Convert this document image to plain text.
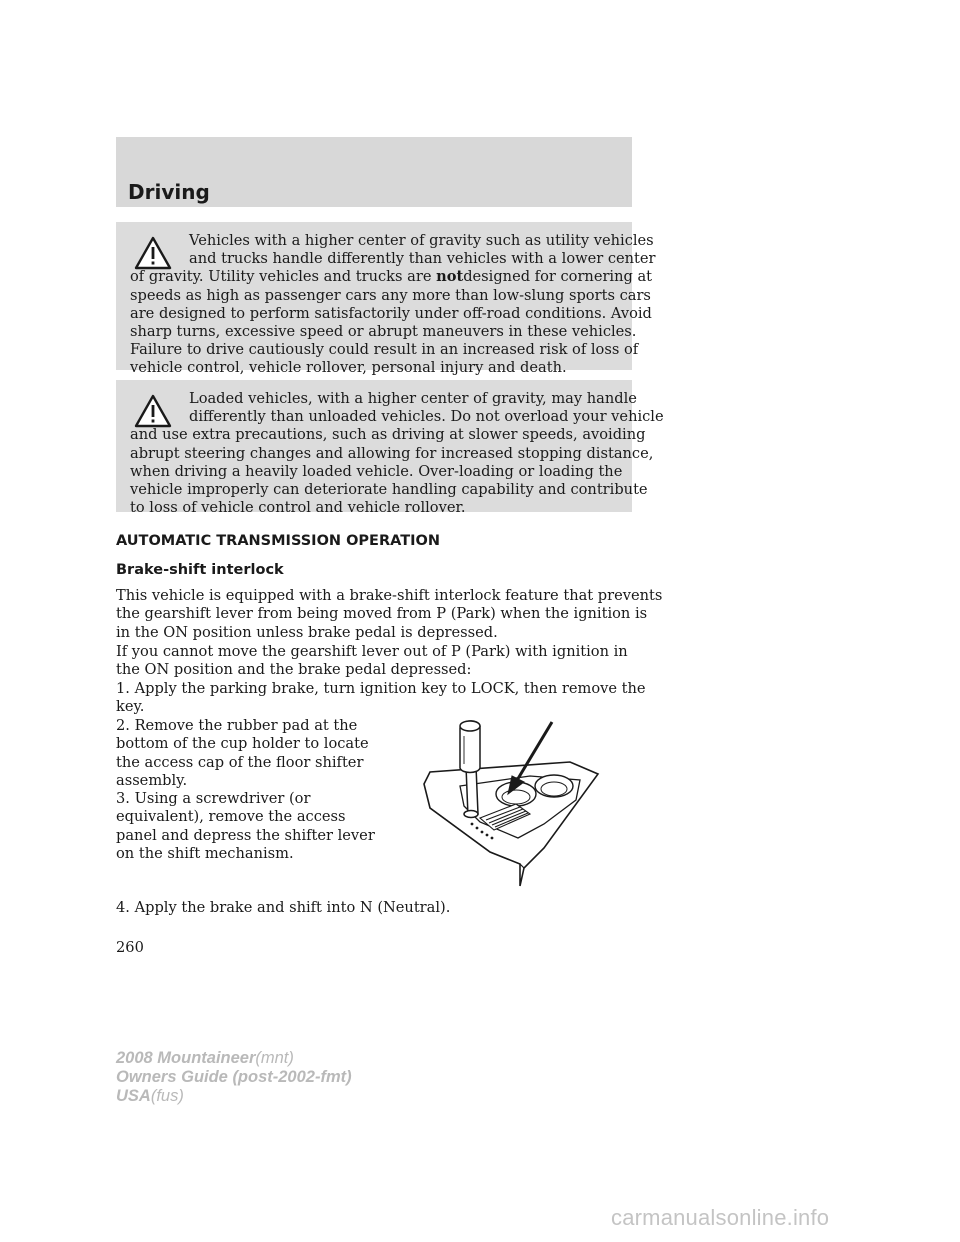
Driving
Vehicles with a higher center of gravity such as utility vehicles
and trucks handle differently than vehicles with a lower center
of gravity. Utility vehicles and trucks are notdesigned for cornering at
speeds as high as passenger cars any more than low-slung sports cars
are designed to perform satisfactorily under off-road conditions. Avoid
sharp turns, excessive speed or abrupt maneuvers in these vehicles.
Failure to drive cautiously could result in an increased risk of loss of
vehicle control, vehicle rollover, personal injury and death.
Loaded vehicles, with a higher center of gravity, may handle
differently than unloaded vehicles. Do not overload your vehicle
and use extra precautions, such as driving at slower speeds, avoiding
abrupt steering changes and allowing for increased stopping distance,
when driving a heavily loaded vehicle. Over-loading or loading the
vehicle improperly can deteriorate handling capability and contribute
to loss of vehicle control and vehicle rollover.
AUTOMATIC TRANSMISSION OPERATION
Brake-shift interlock

This vehicle is equipped with a brake-shift interlock feature that prevents
the gearshift lever from being moved from P (Park) when the ignition is
in the ON position unless brake pedal is depressed.

If you cannot move the gearshift lever out of P (Park) with ignition in
the ON position and the brake pedal depressed:

1. Apply the parking brake, turn ignition key to LOCK, then remove the
key.

2. Remove the rubber pad at the
bottom of the cup holder to locate
the access cap of the floor shifter
assembly.

3. Using a screwdriver (or
equivalent), remove the access
panel and depress the shifter lever
on the shift mechanism.

4. Apply the brake and shift into N (Neutral).

260

2008 Mountaineer(mnt)
Owners Guide (post-2002-fmt)
USA(fus)
carmanualsonline.info
